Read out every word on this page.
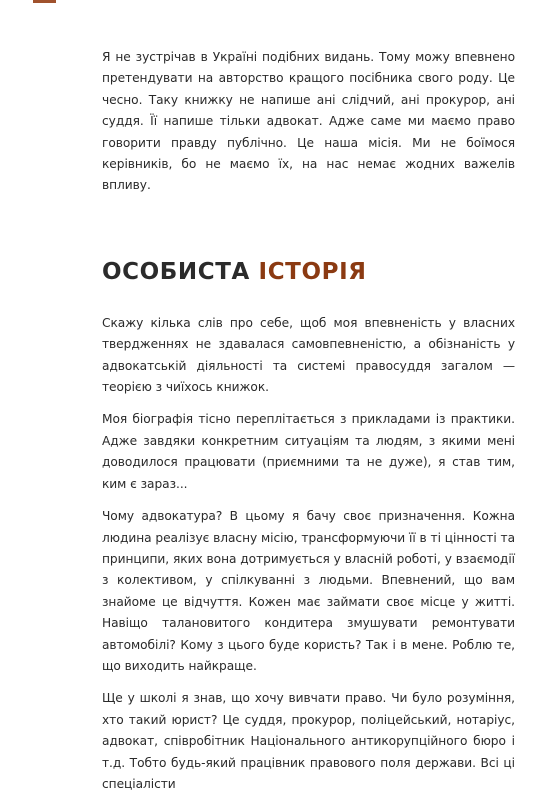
Я не зустрічав в Україні подібних видань. Тому можу впевнено претендувати на авторство кращого посібника свого роду. Це чесно. Таку книжку не напише ані слідчий, ані прокурор, ані суддя. Її напише тільки адвокат. Адже саме ми маємо право говорити правду публічно. Це наша місія. Ми не боїмося керівників, бо не маємо їх, на нас немає жодних важелів впливу.

ОСОБИСТА ІСТОРІЯ

Скажу кілька слів про себе, щоб моя впевненість у власних твердженнях не здавалася самовпевненістю, а обізнаність у адвокатській діяльності та системі правосуддя загалом — теорією з чиїхось книжок.

Моя біографія тісно переплітається з прикладами із практики. Адже завдяки конкретним ситуаціям та людям, з якими мені доводилося працювати (приємними та не дуже), я став тим, ким є зараз...

Чому адвокатура? В цьому я бачу своє призначення. Кожна людина реалізує власну місію, трансформуючи її в ті цінності та принципи, яких вона дотримується у власній роботі, у взаємодії з колективом, у спілкуванні з людьми. Впевнений, що вам знайоме це відчуття. Кожен має займати своє місце у житті. Навіщо талановитого кондитера змушувати ремонтувати автомобілі? Кому з цього буде користь? Так і в мене. Роблю те, що виходить найкраще.

Ще у школі я знав, що хочу вивчати право. Чи було розуміння, хто такий юрист? Це суддя, прокурор, поліцейський, нотаріус, адвокат, співробітник Національного антикорупційного бюро і т.д. Тобто будь-який працівник правового поля держави. Всі ці спеціалісти
